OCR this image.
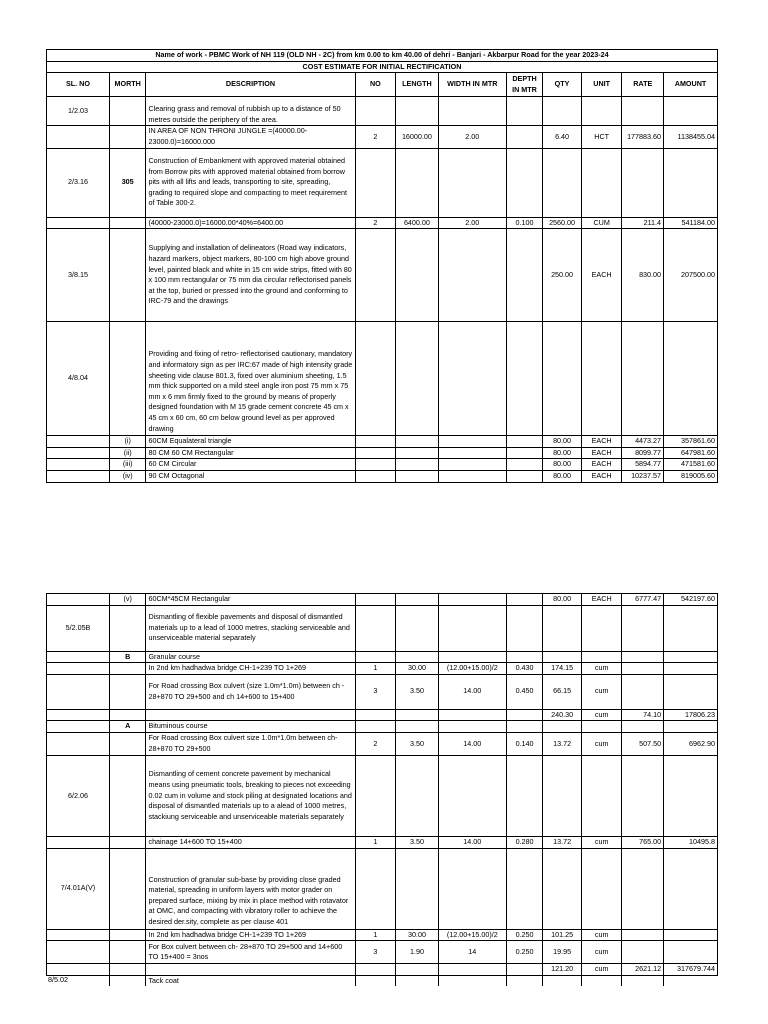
Name of work - PBMC Work of NH 119 (OLD NH - 2C) from km 0.00 to km 40.00 of dehri - Banjari - Akbarpur Road for the year 2023-24										
COST ESTIMATE FOR INITIAL RECTIFICATION										
SL. NO	MORTH	DESCRIPTION	NO	LENGTH	WIDTH IN MTR	DEPTH IN MTR	QTY	UNIT	RATE	AMOUNT
1/2.03		Clearing grass and removal of rubbish up to a distance of 50 metres outside the periphery of the area.								
		IN AREA OF NON THRONI JUNGLE =(40000.00-23000.0)=16000.000	2	16000.00	2.00		6.40	HCT	177883.60	1138455.04
2/3.16	305	Construction of Embankment with approved material obtained from Borrow pits with approved material obtained from borrow pits with all lifts and leads, transporting to site, spreading, grading to required slope and compacting to meet requirement of Table 300-2.								
		(40000-23000.0)=16000.00*40%=6400.00	2	6400.00	2.00	0.100	2560.00	CUM	211.4	541184.00
3/8.15		Supplying and installation of delineators (Road way indicators, hazard markers, object markers, 80-100 cm high above ground level, painted black and white in 15 cm wide strips, fitted with 80 x 100 mm rectangular or 75 mm dia circular reflectorised panels at the top, buried or pressed into the ground and conforming to IRC-79 and the drawings					250.00	EACH	830.00	207500.00
4/8.04		Providing and fixing of retro- reflectorised cautionary, mandatory and informatory sign as per IRC:67 made of high intensity grade sheeting vide clause 801.3, fixed over aluminium sheeting, 1.5 mm thick supported on a mild steel angle iron post 75 mm x 75 mm x 6 mm firmly fixed to the ground by means of properly designed foundation with M 15 grade cement concrete 45 cm x 45 cm x 60 cm, 60 cm below ground level as per approved drawing								
	(i)	60CM Equalateral triangle					80.00	EACH	4473.27	357861.60
	(ii)	80 CM 60 CM Rectangular					80.00	EACH	8099.77	647981.60
	(iii)	60 CM Circular					80.00	EACH	5894.77	471581.60
	(iv)	90 CM Octagonal					80.00	EACH	10237.57	819005.60
	(v)	60CM*45CM Rectangular					80.00	EACH	6777.47	542197.60
5/2.05B		Dismantling of flexible pavements and disposal of dismantled materials up to a lead of 1000 metres, stacking serviceable and unserviceable material separately								
	B	Granular course								
		In 2nd km hadhadwa bridge CH-1+239 TO 1+269	1	30.00	(12.00+15.00)/2	0.430	174.15	cum		
		For Road crossing Box culvert (size 1.0m*1.0m) between ch - 28+870 TO 29+500 and ch 14+600 to 15+400	3	3.50	14.00	0.450	66.15	cum		
							240.30	cum	74.10	17806.23
	A	Bituminous course								
		For Road crossing Box culvert size 1.0m*1.0m between ch- 28+870 TO 29+500	2	3.50	14.00	0.140	13.72	cum	507.50	6962.90
6/2.06		Dismantling of cement concrete pavement by mechanical means using pneumatic tools, breaking to pieces not exceeding 0.02 cum in volume and stock piling at designated locations and disposal of dismantled materials up to a alead of 1000 metres, stackiung serviceable and unserviceable materials separately								
		chainage 14+600 TO 15+400	1	3.50	14.00	0.280	13.72	cum	765.00	10495.8
7/4.01A(V)		Construction of granular sub-base by providing close graded material, spreading in uniform layers with motor grader on prepared surface, mixing by mix in place method with rotavator at OMC, and compacting with vibratory roller to achieve the desired der.sity, complete as per clause 401								
		In 2nd km hadhadwa bridge CH-1+239 TO 1+269	1	30.00	(12.00+15.00)/2	0.250	101.25	cum		
		For Box culvert between ch- 28+870 TO 29+500 and 14+600 TO 15+400 = 3nos	3	1.90	14	0.250	19.95	cum		
							121.20	cum	2621.12	317679.744
		Tack coat								
8/5.02
